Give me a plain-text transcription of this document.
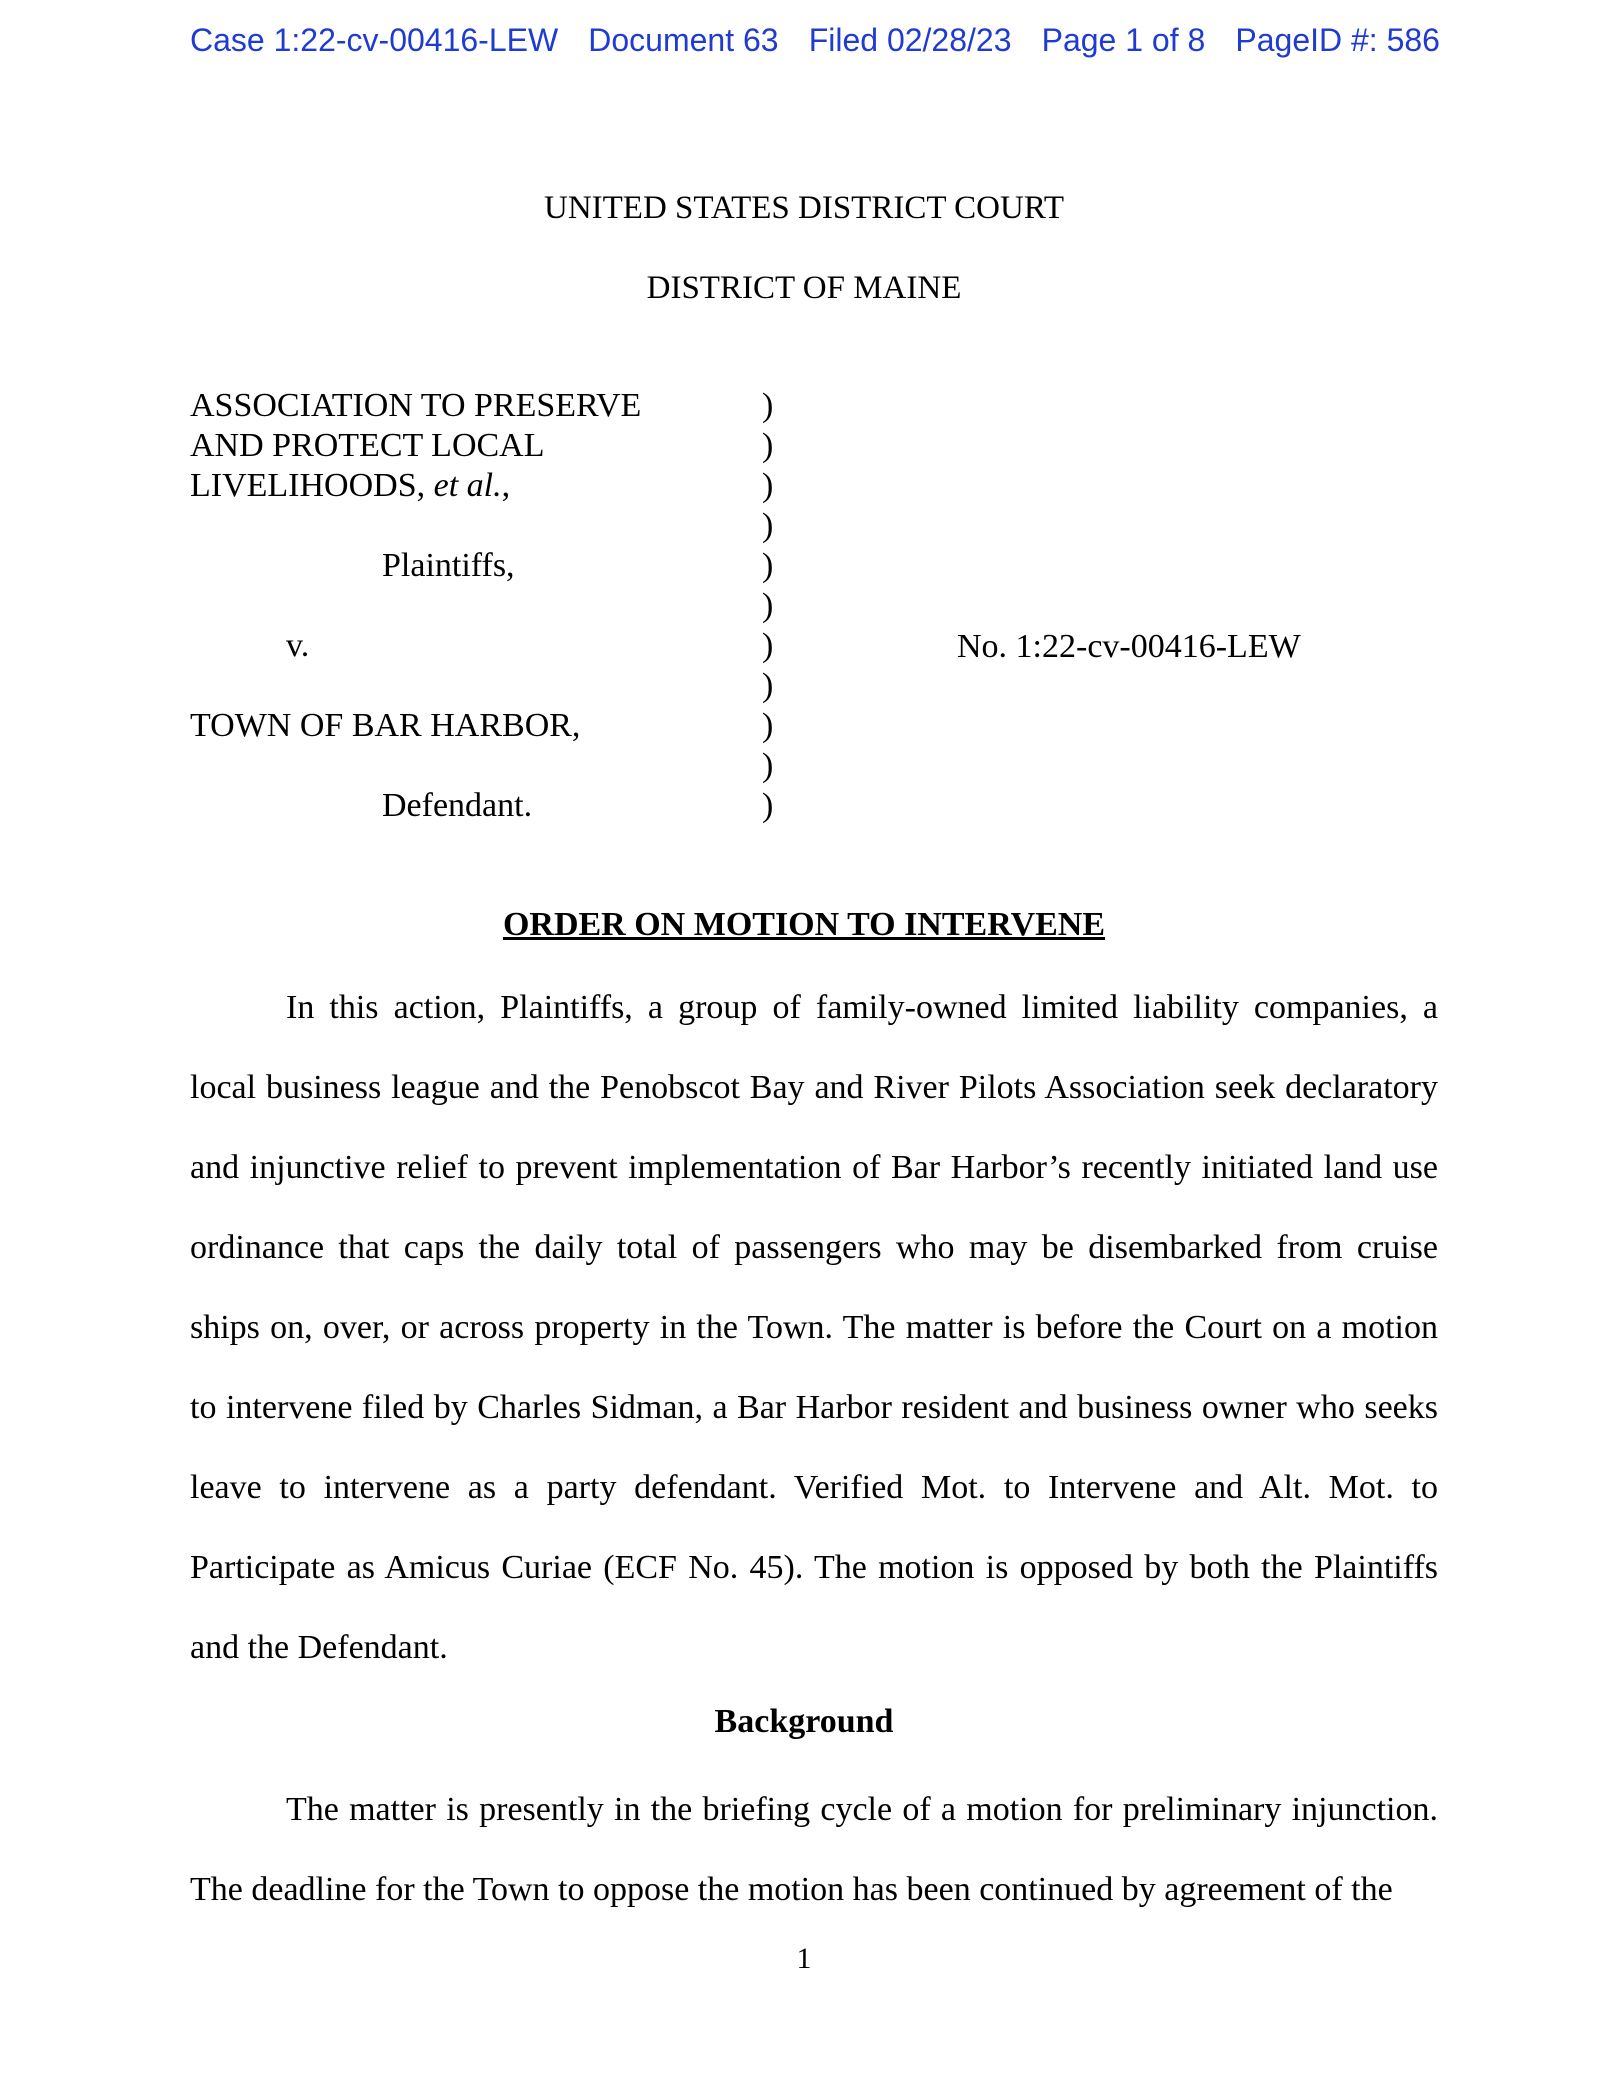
Case 1:22-cv-00416-LEW Document 63 Filed 02/28/23 Page 1 of 8 PageID #: 586
UNITED STATES DISTRICT COURT
DISTRICT OF MAINE
ASSOCIATION TO PRESERVE
AND PROTECT LOCAL
LIVELIHOODS, et al.,
Plaintiffs,
v.
TOWN OF BAR HARBOR,
Defendant.
)
)
)
)
)
)
)
)
)
)
)
No. 1:22-cv-00416-LEW
ORDER ON MOTION TO INTERVENE
In this action, Plaintiffs, a group of family-owned limited liability companies, a local business league and the Penobscot Bay and River Pilots Association seek declaratory and injunctive relief to prevent implementation of Bar Harbor’s recently initiated land use ordinance that caps the daily total of passengers who may be disembarked from cruise ships on, over, or across property in the Town. The matter is before the Court on a motion to intervene filed by Charles Sidman, a Bar Harbor resident and business owner who seeks leave to intervene as a party defendant. Verified Mot. to Intervene and Alt. Mot. to Participate as Amicus Curiae (ECF No. 45). The motion is opposed by both the Plaintiffs and the Defendant.
Background
The matter is presently in the briefing cycle of a motion for preliminary injunction. The deadline for the Town to oppose the motion has been continued by agreement of the
1
